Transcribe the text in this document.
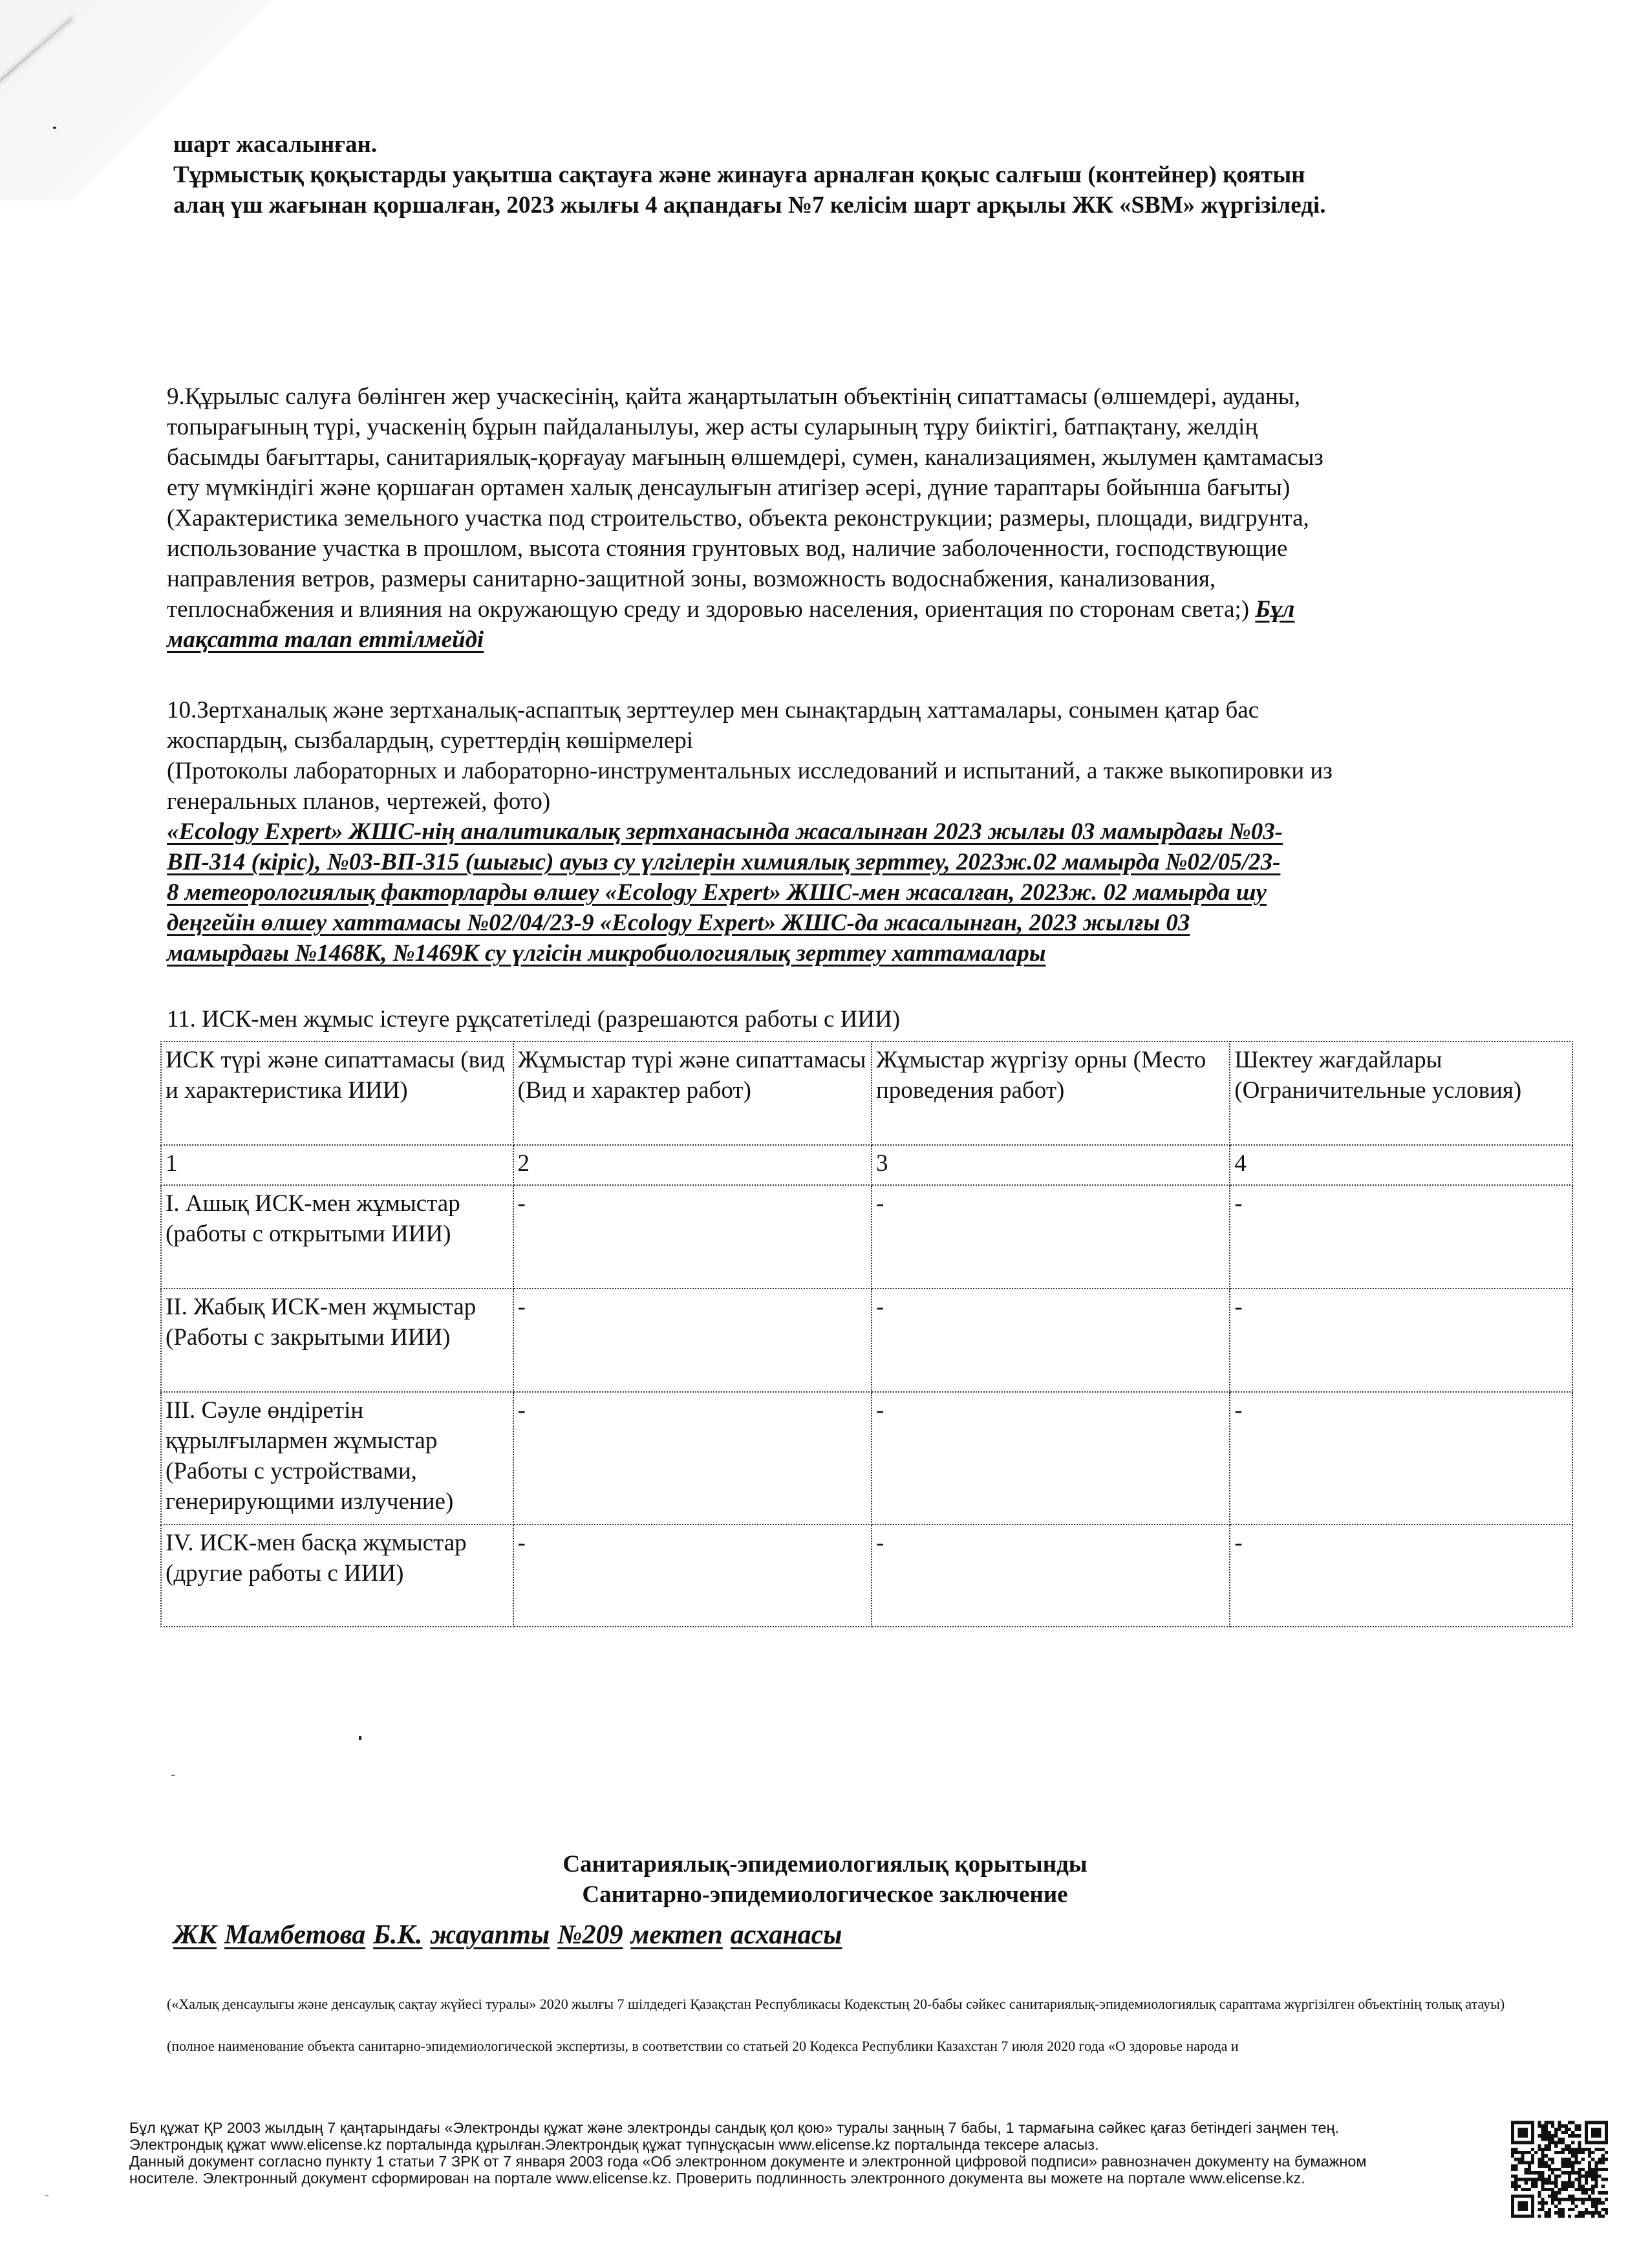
шарт жасалынған.
Тұрмыстық қоқыстарды уақытша сақтауға және жинауға арналған қоқыс салғыш (контейнер) қоятын
алаң үш жағынан қоршалған, 2023 жылғы 4 ақпандағы №7 келісім шарт арқылы ЖК «SBM» жүргізіледі.
9.Құрылыс салуға бөлінген жер учаскесінің, қайта жаңартылатын объектінің сипаттамасы (өлшемдері, ауданы,
топырағының түрі, учаскенің бұрын пайдаланылуы, жер асты суларының тұру биіктігі, батпақтану, желдің
басымды бағыттары, санитариялық-қорғауау мағының өлшемдері, сумен, канализациямен, жылумен қамтамасыз
ету мүмкіндігі және қоршаған ортамен халық денсаулығын атигізер әсері, дүние тараптары бойынша бағыты)
(Характеристика земельного участка под строительство, объекта реконструкции; размеры, площади, видгрунта,
использование участка в прошлом, высота стояния грунтовых вод, наличие заболоченности, господствующие
направления ветров, размеры санитарно-защитной зоны, возможность водоснабжения, канализования,
теплоснабжения и влияния на окружающую среду и здоровью населения, ориентация по сторонам света;) Бұл
мақсатта талап еттілмейді
10.Зертханалық және зертханалық-аспаптық зерттеулер мен сынақтардың хаттамалары, сонымен қатар бас
жоспардың, сызбалардың, суреттердің көшірмелері
(Протоколы лабораторных и лабораторно-инструментальных исследований и испытаний, а также выкопировки из
генеральных планов, чертежей, фото)
«Ecology Expert» ЖШС-нің аналитикалық зертханасында жасалынған 2023 жылғы 03 мамырдағы №03-
ВП-314 (кіріс), №03-ВП-315 (шығыс) ауыз су үлгілерін химиялық зерттеу, 2023ж.02 мамырда №02/05/23-
8 метеорологиялық факторларды өлшеу «Ecology Expert» ЖШС-мен жасалған, 2023ж. 02 мамырда шу
деңгейін өлшеу хаттамасы №02/04/23-9 «Ecology Expert» ЖШС-да жасалынған, 2023 жылғы 03
мамырдағы №1468К, №1469К су үлгісін микробиологиялық зерттеу хаттамалары
11. ИСК-мен жұмыс істеуге рұқсатетіледі (разрешаются работы с ИИИ)
ИСК түрі және сипаттамасы (вид и характеристика ИИИ)	Жұмыстар түрі және сипаттамасы (Вид и характер работ)	Жұмыстар жүргізу орны (Место проведения работ)	Шектеу жағдайлары (Ограничительные условия)
1	2	3	4
I. Ашық ИСК-мен жұмыстар (работы с открытыми ИИИ)	-	-	-
II. Жабық ИСК-мен жұмыстар (Работы с закрытыми ИИИ)	-	-	-
III. Сәуле өндіретін құрылғылармен жұмыстар (Работы с устройствами, генерирующими излучение)	-	-	-
IV. ИСК-мен басқа жұмыстар (другие работы с ИИИ)	-	-	-
Санитариялық-эпидемиологиялық қорытынды
Санитарно-эпидемиологическое заключение
ЖК Мамбетова Б.К. жауапты №209 мектеп асханасы
(«Халық денсаулығы және денсаулық сақтау жүйесі туралы» 2020 жылғы 7 шілдедегі Қазақстан Республикасы Кодекстың 20-бабы сәйкес санитариялық-эпидемиологиялық сараптама жүргізілген объектінің толық атауы)
(полное наименование объекта санитарно-эпидемиологической экспертизы, в соответствии со статьей 20 Кодекса Республики Казахстан 7 июля 2020 года «О здоровье народа и
Бұл құжат ҚР 2003 жылдың 7 қаңтарындағы «Электронды құжат және электронды сандық қол қою» туралы заңның 7 бабы, 1 тармағына сәйкес қағаз бетіндегі заңмен тең.
Электрондық құжат www.elicense.kz порталында құрылған.Электрондық құжат түпнұсқасын www.elicense.kz порталында тексере аласыз.
Данный документ согласно пункту 1 статьи 7 ЗРК от 7 января 2003 года «Об электронном документе и электронной цифровой подписи» равнозначен документу на бумажном
носителе. Электронный документ сформирован на портале www.elicense.kz. Проверить подлинность электронного документа вы можете на портале www.elicense.kz.
